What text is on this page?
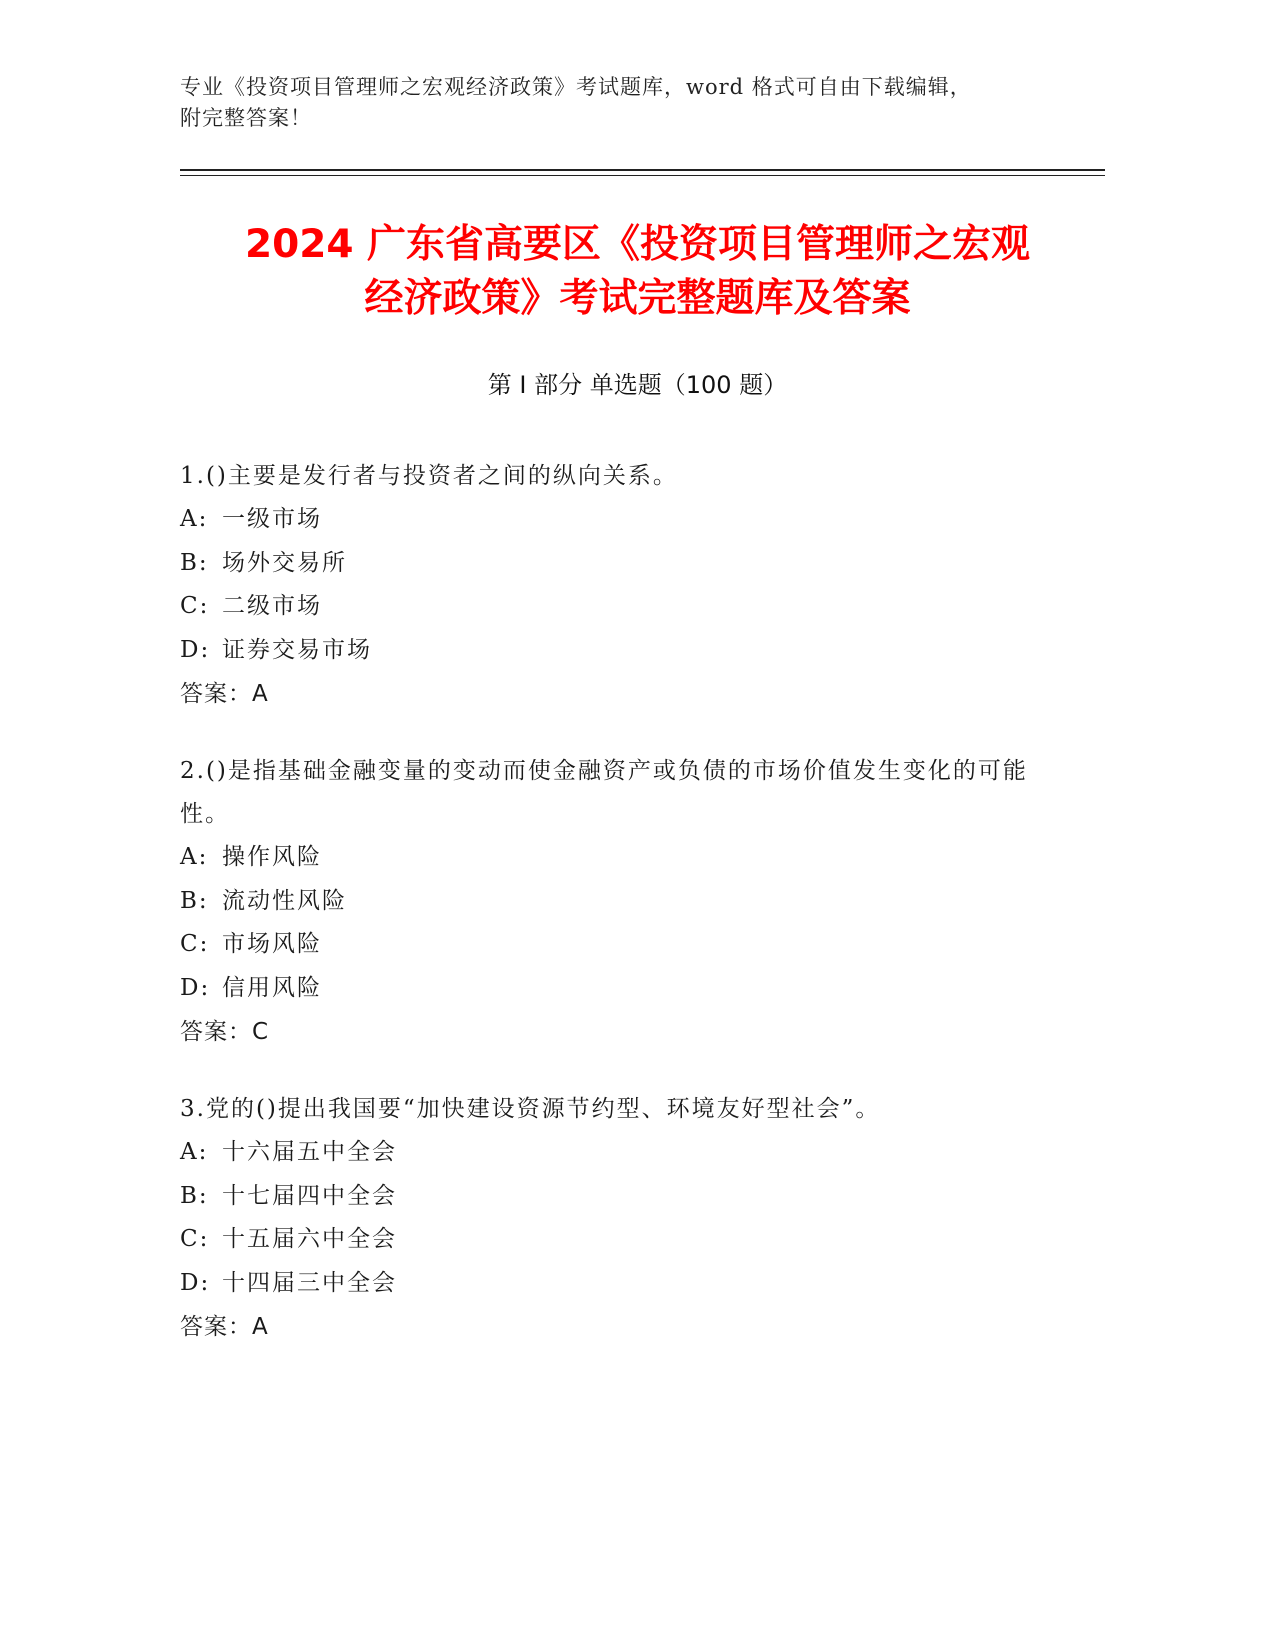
专业《投资项目管理师之宏观经济政策》考试题库，word 格式可自由下载编辑，
附完整答案！
2024 广东省高要区《投资项目管理师之宏观
经济政策》考试完整题库及答案
第 I 部分 单选题（100 题）

1.()主要是发行者与投资者之间的纵向关系。

A: 一级市场

B: 场外交易所

C: 二级市场

D: 证券交易市场

答案：A

2.()是指基础金融变量的变动而使金融资产或负债的市场价值发生变化的可能性。

A: 操作风险

B: 流动性风险

C: 市场风险

D: 信用风险

答案：C

3.党的()提出我国要“加快建设资源节约型、环境友好型社会”。

A: 十六届五中全会

B: 十七届四中全会

C: 十五届六中全会

D: 十四届三中全会

答案：A
